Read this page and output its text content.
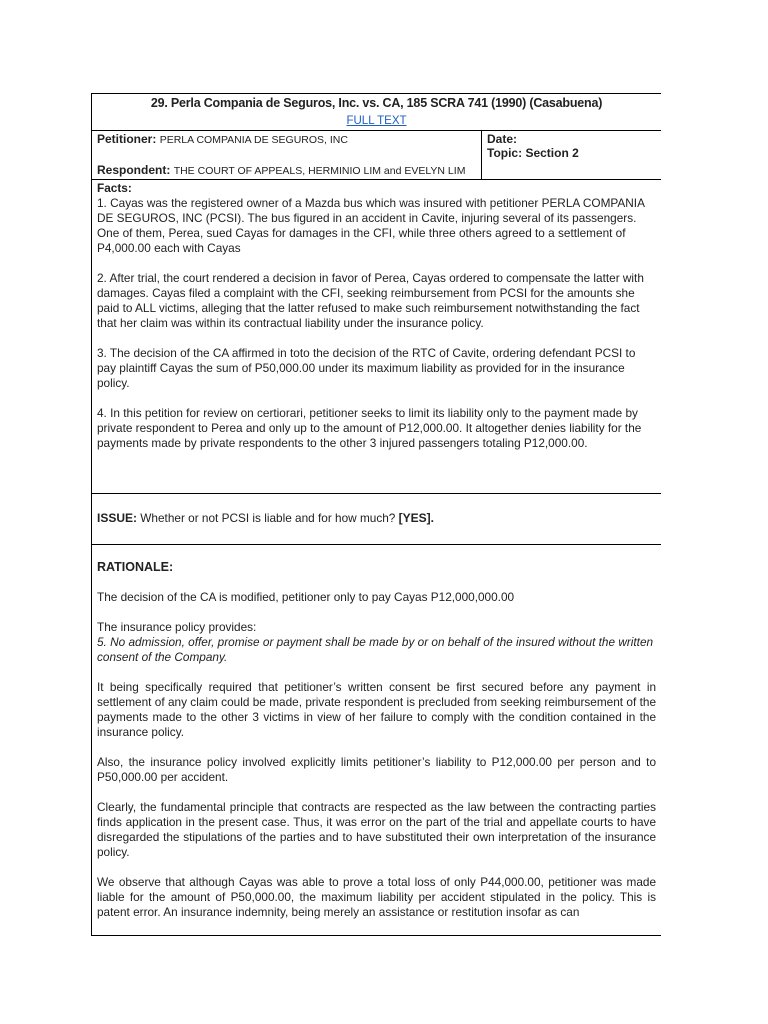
29. Perla Compania de Seguros, Inc. vs. CA, 185 SCRA 741 (1990) (Casabuena)
FULL TEXT

Petitioner: PERLA COMPANIA DE SEGUROS, INC
Respondent: THE COURT OF APPEALS, HERMINIO LIM and EVELYN LIM

Date:
Topic: Section 2

Facts:

1. Cayas was the registered owner of a Mazda bus which was insured with petitioner PERLA COMPANIA DE SEGUROS, INC (PCSI). The bus figured in an accident in Cavite, injuring several of its passengers. One of them, Perea, sued Cayas for damages in the CFI, while three others agreed to a settlement of P4,000.00 each with Cayas

2. After trial, the court rendered a decision in favor of Perea, Cayas ordered to compensate the latter with damages. Cayas filed a complaint with the CFI, seeking reimbursement from PCSI for the amounts she paid to ALL victims, alleging that the latter refused to make such reimbursement notwithstanding the fact that her claim was within its contractual liability under the insurance policy.

3. The decision of the CA affirmed in toto the decision of the RTC of Cavite, ordering defendant PCSI to pay plaintiff Cayas the sum of P50,000.00 under its maximum liability as provided for in the insurance policy.

4. In this petition for review on certiorari, petitioner seeks to limit its liability only to the payment made by private respondent to Perea and only up to the amount of P12,000.00. It altogether denies liability for the payments made by private respondents to the other 3 injured passengers totaling P12,000.00.

ISSUE: Whether or not PCSI is liable and for how much? [YES].

RATIONALE:

The decision of the CA is modified, petitioner only to pay Cayas P12,000,000.00

The insurance policy provides:

5. No admission, offer, promise or payment shall be made by or on behalf of the insured without the written consent of the Company.

It being specifically required that petitioner’s written consent be first secured before any payment in settlement of any claim could be made, private respondent is precluded from seeking reimbursement of the payments made to the other 3 victims in view of her failure to comply with the condition contained in the insurance policy.

Also, the insurance policy involved explicitly limits petitioner’s liability to P12,000.00 per person and to P50,000.00 per accident.

Clearly, the fundamental principle that contracts are respected as the law between the contracting parties finds application in the present case. Thus, it was error on the part of the trial and appellate courts to have disregarded the stipulations of the parties and to have substituted their own interpretation of the insurance policy.

We observe that although Cayas was able to prove a total loss of only P44,000.00, petitioner was made liable for the amount of P50,000.00, the maximum liability per accident stipulated in the policy. This is patent error. An insurance indemnity, being merely an assistance or restitution insofar as can
